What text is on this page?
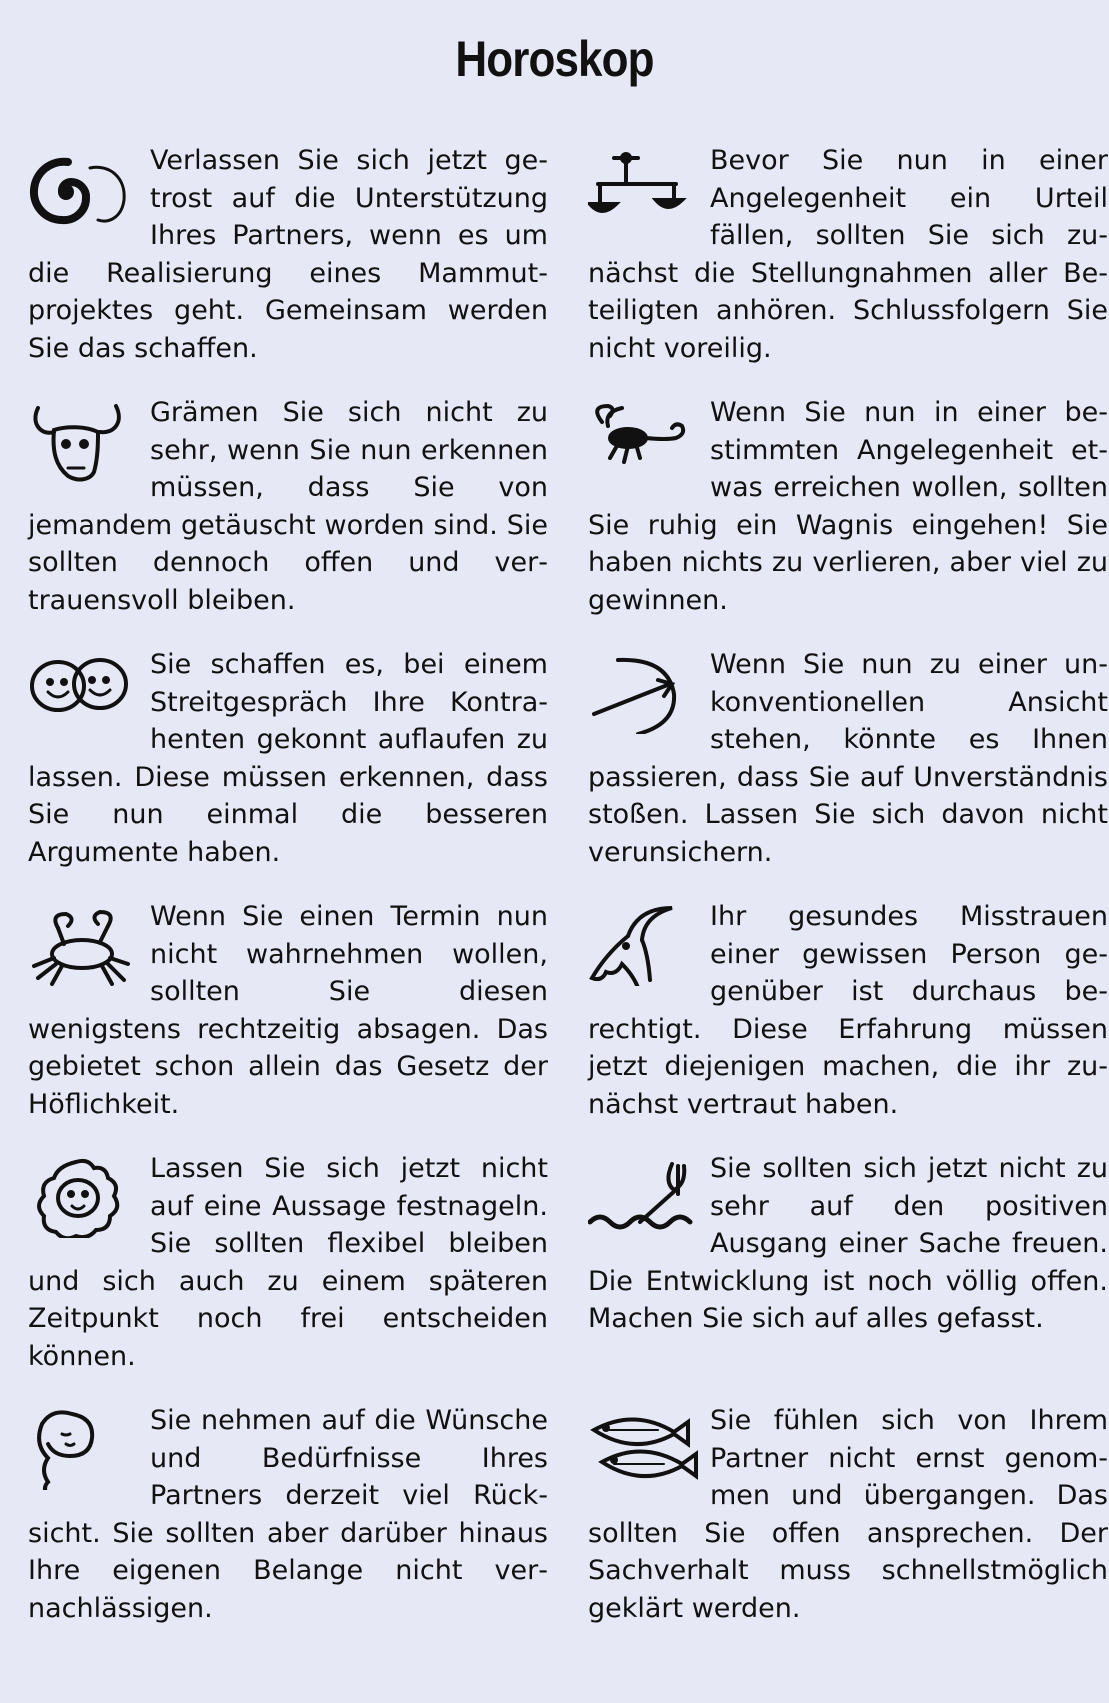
Horoskop
Verlassen Sie sich jetzt getrost auf die Unterstützung Ihres Partners, wenn es um die Realisierung eines Mammutprojektes geht. Gemeinsam werden Sie das schaffen.
Grämen Sie sich nicht zu sehr, wenn Sie nun erkennen müssen, dass Sie von jemandem getäuscht worden sind. Sie sollten dennoch offen und vertrauensvoll bleiben.
Sie schaffen es, bei einem Streitgespräch Ihre Kontrahenten gekonnt auflaufen zu lassen. Diese müssen erkennen, dass Sie nun einmal die besseren Argumente haben.
Wenn Sie einen Termin nun nicht wahrnehmen wollen, sollten Sie diesen wenigstens rechtzeitig absagen. Das gebietet schon allein das Gesetz der Höflichkeit.
Lassen Sie sich jetzt nicht auf eine Aussage festnageln. Sie sollten flexibel bleiben und sich auch zu einem späteren Zeitpunkt noch frei entscheiden können.
Sie nehmen auf die Wünsche und Bedürfnisse Ihres Partners derzeit viel Rücksicht. Sie sollten aber darüber hinaus Ihre eigenen Belange nicht vernachlässigen.
Bevor Sie nun in einer Angelegenheit ein Urteil fällen, sollten Sie sich zunächst die Stellungnahmen aller Beteiligten anhören. Schlussfolgern Sie nicht voreilig.
Wenn Sie nun in einer bestimmten Angelegenheit etwas erreichen wollen, sollten Sie ruhig ein Wagnis eingehen! Sie haben nichts zu verlieren, aber viel zu gewinnen.
Wenn Sie nun zu einer unkonventionellen Ansicht stehen, könnte es Ihnen passieren, dass Sie auf Unverständnis stoßen. Lassen Sie sich davon nicht verunsichern.
Ihr gesundes Misstrauen einer gewissen Person gegenüber ist durchaus berechtigt. Diese Erfahrung müssen jetzt diejenigen machen, die ihr zunächst vertraut haben.
Sie sollten sich jetzt nicht zu sehr auf den positiven Ausgang einer Sache freuen. Die Entwicklung ist noch völlig offen. Machen Sie sich auf alles gefasst.
Sie fühlen sich von Ihrem Partner nicht ernst genommen und übergangen. Das sollten Sie offen ansprechen. Der Sachverhalt muss schnellstmöglich geklärt werden.
